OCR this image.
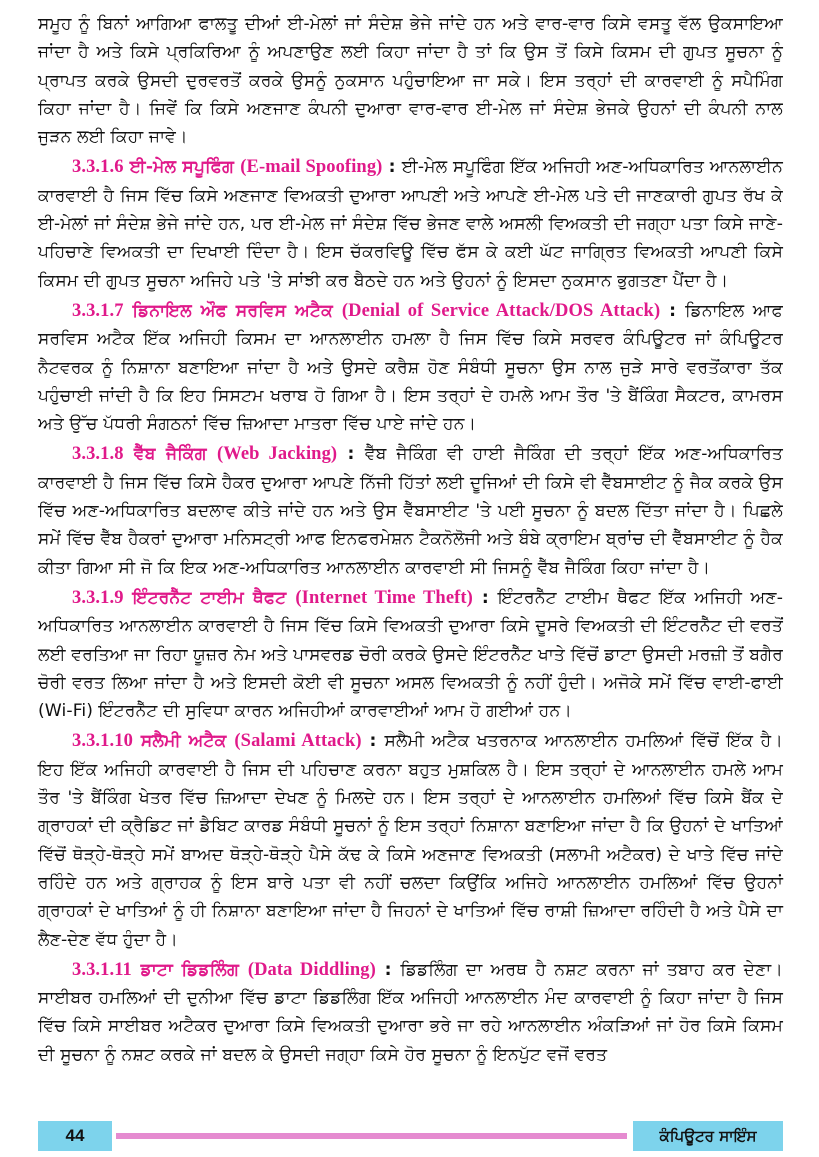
ਸਮੂਹ ਨੂੰ ਬਿਨਾਂ ਆਗਿਆ ਫਾਲਤੂ ਦੀਆਂ ਈ-ਮੇਲਾਂ ਜਾਂ ਸੰਦੇਸ਼ ਭੇਜੇ ਜਾਂਦੇ ਹਨ ਅਤੇ ਵਾਰ-ਵਾਰ ਕਿਸੇ ਵਸਤੂ ਵੱਲ ਉਕਸਾਇਆ ਜਾਂਦਾ ਹੈ ਅਤੇ ਕਿਸੇ ਪ੍ਰਕਿਰਿਆ ਨੂੰ ਅਪਣਾਉਣ ਲਈ ਕਿਹਾ ਜਾਂਦਾ ਹੈ ਤਾਂ ਕਿ ਉਸ ਤੋਂ ਕਿਸੇ ਕਿਸਮ ਦੀ ਗੁਪਤ ਸੂਚਨਾ ਨੂੰ ਪ੍ਰਾਪਤ ਕਰਕੇ ਉਸਦੀ ਦੁਰਵਰਤੋਂ ਕਰਕੇ ਉਸਨੂੰ ਨੁਕਸਾਨ ਪਹੁੰਚਾਇਆ ਜਾ ਸਕੇ। ਇਸ ਤਰ੍ਹਾਂ ਦੀ ਕਾਰਵਾਈ ਨੂੰ ਸਪੈਮਿੰਗ ਕਿਹਾ ਜਾਂਦਾ ਹੈ। ਜਿਵੇਂ ਕਿ ਕਿਸੇ ਅਣਜਾਣ ਕੰਪਨੀ ਦੁਆਰਾ ਵਾਰ-ਵਾਰ ਈ-ਮੇਲ ਜਾਂ ਸੰਦੇਸ਼ ਭੇਜਕੇ ਉਹਨਾਂ ਦੀ ਕੰਪਨੀ ਨਾਲ ਜੁੜਨ ਲਈ ਕਿਹਾ ਜਾਵੇ।

3.3.1.6 ਈ-ਮੇਲ ਸਪੂਫਿੰਗ (E-mail Spoofing) : ਈ-ਮੇਲ ਸਪੂਫਿੰਗ ਇੱਕ ਅਜਿਹੀ ਅਣ-ਅਧਿਕਾਰਿਤ ਆਨਲਾਈਨ ਕਾਰਵਾਈ ਹੈ ਜਿਸ ਵਿੱਚ ਕਿਸੇ ਅਣਜਾਣ ਵਿਅਕਤੀ ਦੁਆਰਾ ਆਪਣੀ ਅਤੇ ਆਪਣੇ ਈ-ਮੇਲ ਪਤੇ ਦੀ ਜਾਣਕਾਰੀ ਗੁਪਤ ਰੱਖ ਕੇ ਈ-ਮੇਲਾਂ ਜਾਂ ਸੰਦੇਸ਼ ਭੇਜੇ ਜਾਂਦੇ ਹਨ, ਪਰ ਈ-ਮੇਲ ਜਾਂ ਸੰਦੇਸ਼ ਵਿੱਚ ਭੇਜਣ ਵਾਲੇ ਅਸਲੀ ਵਿਅਕਤੀ ਦੀ ਜਗ੍ਹਾ ਪਤਾ ਕਿਸੇ ਜਾਣੇ-ਪਹਿਚਾਣੇ ਵਿਅਕਤੀ ਦਾ ਦਿਖਾਈ ਦਿੰਦਾ ਹੈ। ਇਸ ਚੱਕਰਵਿਊ ਵਿੱਚ ਫੱਸ ਕੇ ਕਈ ਘੱਟ ਜਾਗ੍ਰਿਤ ਵਿਅਕਤੀ ਆਪਣੀ ਕਿਸੇ ਕਿਸਮ ਦੀ ਗੁਪਤ ਸੂਚਨਾ ਅਜਿਹੇ ਪਤੇ 'ਤੇ ਸਾਂਝੀ ਕਰ ਬੈਠਦੇ ਹਨ ਅਤੇ ਉਹਨਾਂ ਨੂੰ ਇਸਦਾ ਨੁਕਸਾਨ ਭੁਗਤਣਾ ਪੈਂਦਾ ਹੈ।

3.3.1.7 ਡਿਨਾਇਲ ਔਫ ਸਰਵਿਸ ਅਟੈਕ (Denial of Service Attack/DOS Attack) : ਡਿਨਾਇਲ ਆਫ ਸਰਵਿਸ ਅਟੈਕ ਇੱਕ ਅਜਿਹੀ ਕਿਸਮ ਦਾ ਆਨਲਾਈਨ ਹਮਲਾ ਹੈ ਜਿਸ ਵਿੱਚ ਕਿਸੇ ਸਰਵਰ ਕੰਪਿਊਟਰ ਜਾਂ ਕੰਪਿਊਟਰ ਨੈਟਵਰਕ ਨੂੰ ਨਿਸ਼ਾਨਾ ਬਣਾਇਆ ਜਾਂਦਾ ਹੈ ਅਤੇ ਉਸਦੇ ਕਰੈਸ਼ ਹੋਣ ਸੰਬੰਧੀ ਸੂਚਨਾ ਉਸ ਨਾਲ ਜੁੜੇ ਸਾਰੇ ਵਰਤੋਂਕਾਰਾ ਤੱਕ ਪਹੁੰਚਾਈ ਜਾਂਦੀ ਹੈ ਕਿ ਇਹ ਸਿਸਟਮ ਖਰਾਬ ਹੋ ਗਿਆ ਹੈ। ਇਸ ਤਰ੍ਹਾਂ ਦੇ ਹਮਲੇ ਆਮ ਤੌਰ 'ਤੇ ਬੈਂਕਿੰਗ ਸੈਕਟਰ, ਕਾਮਰਸ ਅਤੇ ਉੱਚ ਪੱਧਰੀ ਸੰਗਠਨਾਂ ਵਿੱਚ ਜ਼ਿਆਦਾ ਮਾਤਰਾ ਵਿੱਚ ਪਾਏ ਜਾਂਦੇ ਹਨ।

3.3.1.8 ਵੈੱਬ ਜੈਕਿੰਗ (Web Jacking) : ਵੈੱਬ ਜੈਕਿੰਗ ਵੀ ਹਾਈ ਜੈਕਿੰਗ ਦੀ ਤਰ੍ਹਾਂ ਇੱਕ ਅਣ-ਅਧਿਕਾਰਿਤ ਕਾਰਵਾਈ ਹੈ ਜਿਸ ਵਿੱਚ ਕਿਸੇ ਹੈਕਰ ਦੁਆਰਾ ਆਪਣੇ ਨਿੱਜੀ ਹਿੱਤਾਂ ਲਈ ਦੂਜਿਆਂ ਦੀ ਕਿਸੇ ਵੀ ਵੈੱਬਸਾਈਟ ਨੂੰ ਜੈਕ ਕਰਕੇ ਉਸ ਵਿੱਚ ਅਣ-ਅਧਿਕਾਰਿਤ ਬਦਲਾਵ ਕੀਤੇ ਜਾਂਦੇ ਹਨ ਅਤੇ ਉਸ ਵੈੱਬਸਾਈਟ 'ਤੇ ਪਈ ਸੂਚਨਾ ਨੂੰ ਬਦਲ ਦਿੱਤਾ ਜਾਂਦਾ ਹੈ। ਪਿਛਲੇ ਸਮੇਂ ਵਿੱਚ ਵੈੱਬ ਹੈਕਰਾਂ ਦੁਆਰਾ ਮਨਿਸਟ੍ਰੀ ਆਫ ਇਨਫਰਮੇਸ਼ਨ ਟੈਕਨੋਲੋਜੀ ਅਤੇ ਬੰਬੇ ਕ੍ਰਾਇਮ ਬ੍ਰਾਂਚ ਦੀ ਵੈੱਬਸਾਈਟ ਨੂੰ ਹੈਕ ਕੀਤਾ ਗਿਆ ਸੀ ਜੋ ਕਿ ਇਕ ਅਣ-ਅਧਿਕਾਰਿਤ ਆਨਲਾਈਨ ਕਾਰਵਾਈ ਸੀ ਜਿਸਨੂੰ ਵੈੱਬ ਜੈਕਿੰਗ ਕਿਹਾ ਜਾਂਦਾ ਹੈ।

3.3.1.9 ਇੰਟਰਨੈੱਟ ਟਾਈਮ ਥੈਫਟ (Internet Time Theft) : ਇੰਟਰਨੈੱਟ ਟਾਈਮ ਥੈਫਟ ਇੱਕ ਅਜਿਹੀ ਅਣ-ਅਧਿਕਾਰਿਤ ਆਨਲਾਈਨ ਕਾਰਵਾਈ ਹੈ ਜਿਸ ਵਿੱਚ ਕਿਸੇ ਵਿਅਕਤੀ ਦੁਆਰਾ ਕਿਸੇ ਦੂਸਰੇ ਵਿਅਕਤੀ ਦੀ ਇੰਟਰਨੈੱਟ ਦੀ ਵਰਤੋਂ ਲਈ ਵਰਤਿਆ ਜਾ ਰਿਹਾ ਯੂਜ਼ਰ ਨੇਮ ਅਤੇ ਪਾਸਵਰਡ ਚੋਰੀ ਕਰਕੇ ਉਸਦੇ ਇੰਟਰਨੈੱਟ ਖਾਤੇ ਵਿੱਚੋਂ ਡਾਟਾ ਉਸਦੀ ਮਰਜ਼ੀ ਤੋਂ ਬਗੈਰ ਚੋਰੀ ਵਰਤ ਲਿਆ ਜਾਂਦਾ ਹੈ ਅਤੇ ਇਸਦੀ ਕੋਈ ਵੀ ਸੂਚਨਾ ਅਸਲ ਵਿਅਕਤੀ ਨੂੰ ਨਹੀਂ ਹੁੰਦੀ। ਅਜੋਕੇ ਸਮੇਂ ਵਿੱਚ ਵਾਈ-ਫਾਈ (Wi-Fi) ਇੰਟਰਨੈੱਟ ਦੀ ਸੁਵਿਧਾ ਕਾਰਨ ਅਜਿਹੀਆਂ ਕਾਰਵਾਈਆਂ ਆਮ ਹੋ ਗਈਆਂ ਹਨ।

3.3.1.10 ਸਲੈਮੀ ਅਟੈਕ (Salami Attack) : ਸਲੈਮੀ ਅਟੈਕ ਖਤਰਨਾਕ ਆਨਲਾਈਨ ਹਮਲਿਆਂ ਵਿੱਚੋਂ ਇੱਕ ਹੈ। ਇਹ ਇੱਕ ਅਜਿਹੀ ਕਾਰਵਾਈ ਹੈ ਜਿਸ ਦੀ ਪਹਿਚਾਣ ਕਰਨਾ ਬਹੁਤ ਮੁਸ਼ਕਿਲ ਹੈ। ਇਸ ਤਰ੍ਹਾਂ ਦੇ ਆਨਲਾਈਨ ਹਮਲੇ ਆਮ ਤੌਰ 'ਤੇ ਬੈਂਕਿੰਗ ਖੇਤਰ ਵਿੱਚ ਜ਼ਿਆਦਾ ਦੇਖਣ ਨੂੰ ਮਿਲਦੇ ਹਨ। ਇਸ ਤਰ੍ਹਾਂ ਦੇ ਆਨਲਾਈਨ ਹਮਲਿਆਂ ਵਿੱਚ ਕਿਸੇ ਬੈਂਕ ਦੇ ਗ੍ਰਾਹਕਾਂ ਦੀ ਕ੍ਰੈਡਿਟ ਜਾਂ ਡੈਬਿਟ ਕਾਰਡ ਸੰਬੰਧੀ ਸੂਚਨਾਂ ਨੂੰ ਇਸ ਤਰ੍ਹਾਂ ਨਿਸ਼ਾਨਾ ਬਣਾਇਆ ਜਾਂਦਾ ਹੈ ਕਿ ਉਹਨਾਂ ਦੇ ਖਾਤਿਆਂ ਵਿੱਚੋਂ ਥੋੜ੍ਹੇ-ਥੋੜ੍ਹੇ ਸਮੇਂ ਬਾਅਦ ਥੋੜ੍ਹੇ-ਥੋੜ੍ਹੇ ਪੈਸੇ ਕੱਢ ਕੇ ਕਿਸੇ ਅਣਜਾਣ ਵਿਅਕਤੀ (ਸਲਾਮੀ ਅਟੈਕਰ) ਦੇ ਖਾਤੇ ਵਿੱਚ ਜਾਂਦੇ ਰਹਿੰਦੇ ਹਨ ਅਤੇ ਗ੍ਰਾਹਕ ਨੂੰ ਇਸ ਬਾਰੇ ਪਤਾ ਵੀ ਨਹੀਂ ਚਲਦਾ ਕਿਉਂਕਿ ਅਜਿਹੇ ਆਨਲਾਈਨ ਹਮਲਿਆਂ ਵਿੱਚ ਉਹਨਾਂ ਗ੍ਰਾਹਕਾਂ ਦੇ ਖਾਤਿਆਂ ਨੂੰ ਹੀ ਨਿਸ਼ਾਨਾ ਬਣਾਇਆ ਜਾਂਦਾ ਹੈ ਜਿਹਨਾਂ ਦੇ ਖਾਤਿਆਂ ਵਿੱਚ ਰਾਸ਼ੀ ਜ਼ਿਆਦਾ ਰਹਿੰਦੀ ਹੈ ਅਤੇ ਪੈਸੇ ਦਾ ਲੈਣ-ਦੇਣ ਵੱਧ ਹੁੰਦਾ ਹੈ।

3.3.1.11 ਡਾਟਾ ਡਿਡਲਿੰਗ (Data Diddling) : ਡਿਡਲਿੰਗ ਦਾ ਅਰਥ ਹੈ ਨਸ਼ਟ ਕਰਨਾ ਜਾਂ ਤਬਾਹ ਕਰ ਦੇਣਾ। ਸਾਈਬਰ ਹਮਲਿਆਂ ਦੀ ਦੁਨੀਆ ਵਿੱਚ ਡਾਟਾ ਡਿਡਲਿੰਗ ਇੱਕ ਅਜਿਹੀ ਆਨਲਾਈਨ ਮੰਦ ਕਾਰਵਾਈ ਨੂੰ ਕਿਹਾ ਜਾਂਦਾ ਹੈ ਜਿਸ ਵਿੱਚ ਕਿਸੇ ਸਾਈਬਰ ਅਟੈਕਰ ਦੁਆਰਾ ਕਿਸੇ ਵਿਅਕਤੀ ਦੁਆਰਾ ਭਰੇ ਜਾ ਰਹੇ ਆਨਲਾਈਨ ਅੰਕੜਿਆਂ ਜਾਂ ਹੋਰ ਕਿਸੇ ਕਿਸਮ ਦੀ ਸੂਚਨਾ ਨੂੰ ਨਸ਼ਟ ਕਰਕੇ ਜਾਂ ਬਦਲ ਕੇ ਉਸਦੀ ਜਗ੍ਹਾ ਕਿਸੇ ਹੋਰ ਸੂਚਨਾ ਨੂੰ ਇਨਪੁੱਟ ਵਜੋਂ ਵਰਤ

44	ਕੰਪਿਊਟਰ ਸਾਇੰਸ
